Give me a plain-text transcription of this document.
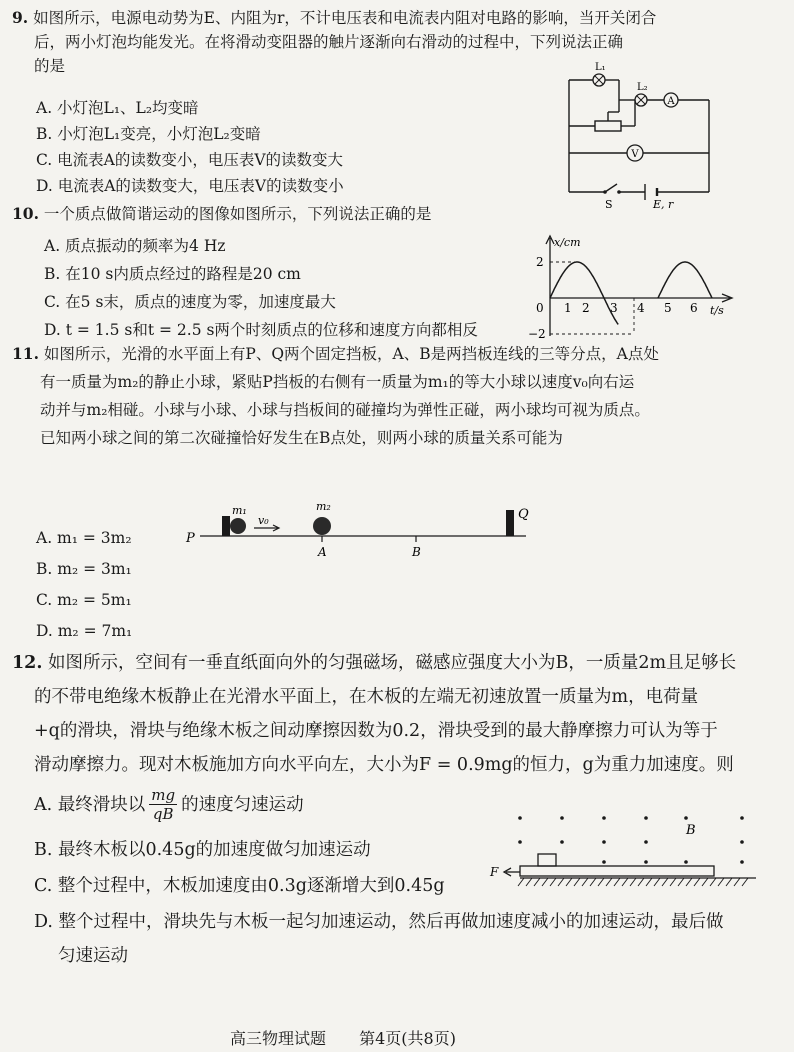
9. 如图所示，电源电动势为E、内阻为r，不计电压表和电流表内阻对电路的影响，当开关闭合
后，两小灯泡均能发光。在将滑动变阻器的触片逐渐向右滑动的过程中，下列说法正确
的是
A. 小灯泡L₁、L₂均变暗
B. 小灯泡L₁变亮，小灯泡L₂变暗
C. 电流表A的读数变小，电压表V的读数变大
D. 电流表A的读数变大，电压表V的读数变小
A
V
L₁
L₂
S	E, r
10. 一个质点做简谐运动的图像如图所示，下列说法正确的是
A. 质点振动的频率为4 Hz
B. 在10 s内质点经过的路程是20 cm
C. 在5 s末，质点的速度为零，加速度最大
D. t = 1.5 s和t = 2.5 s两个时刻质点的位移和速度方向都相反
x/cm
t/s
0
2
−2
1 2 3 4 5 6
11. 如图所示，光滑的水平面上有P、Q两个固定挡板，A、B是两挡板连线的三等分点，A点处
有一质量为m₂的静止小球，紧贴P挡板的右侧有一质量为m₁的等大小球以速度v₀向右运
动并与m₂相碰。小球与小球、小球与挡板间的碰撞均为弹性正碰，两小球均可视为质点。
已知两小球之间的第二次碰撞恰好发生在B点处，则两小球的质量关系可能为
A. m₁ = 3m₂
B. m₂ = 3m₁
C. m₂ = 5m₁
D. m₂ = 7m₁
P
Q
A	B
m₁	m₂
v₀
12. 如图所示，空间有一垂直纸面向外的匀强磁场，磁感应强度大小为B，一质量2m且足够长
的不带电绝缘木板静止在光滑水平面上，在木板的左端无初速放置一质量为m，电荷量
+q的滑块，滑块与绝缘木板之间动摩擦因数为0.2，滑块受到的最大静摩擦力可认为等于
滑动摩擦力。现对木板施加方向水平向左，大小为F = 0.9mg的恒力，g为重力加速度。则
A. 最终滑块以 $\frac{mg}{qB}$ 的速度匀速运动
B. 最终木板以0.45g的加速度做匀加速运动
C. 整个过程中，木板加速度由0.3g逐渐增大到0.45g
D. 整个过程中，滑块先与木板一起匀加速运动，然后再做加速度减小的加速运动，最后做
匀速运动
F
B
高三物理试题 第4页(共8页)
